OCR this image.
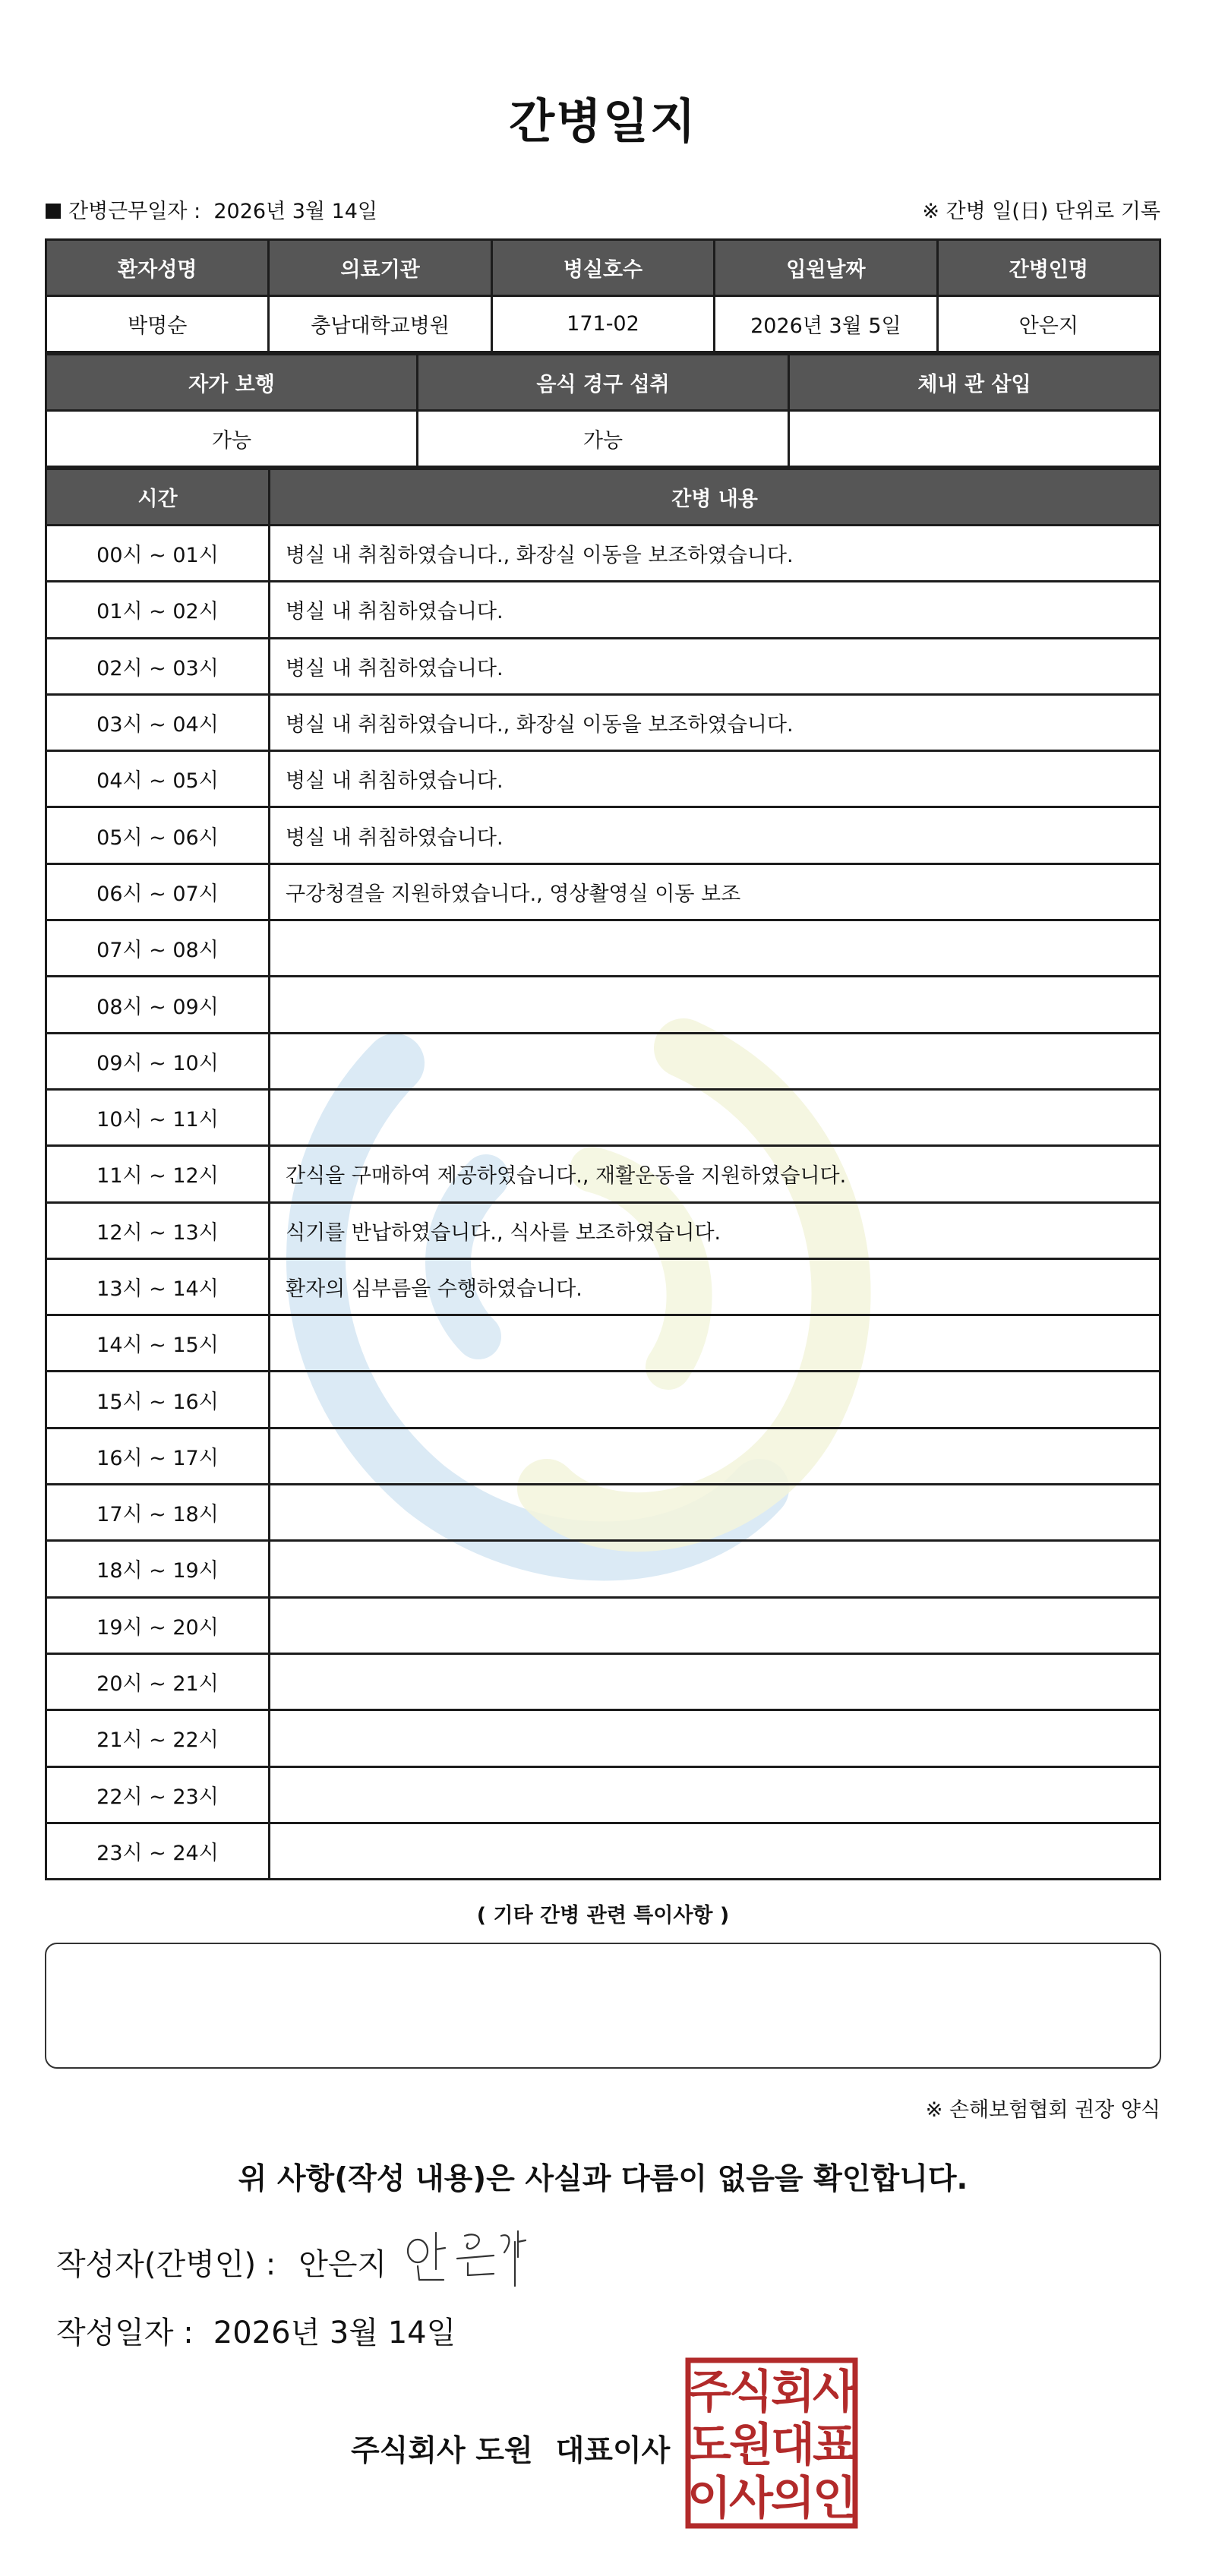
간병일지
간병근무일자 : 2026년 3월 14일	※ 간병 일(日) 단위로 기록
환자성명	의료기관	병실호수	입원날짜	간병인명
박명순	충남대학교병원	171-02	2026년 3월 5일	안은지
자가 보행	음식 경구 섭취	체내 관 삽입
가능	가능	
시간	간병 내용
00시 ~ 01시	병실 내 취침하였습니다., 화장실 이동을 보조하였습니다.
01시 ~ 02시	병실 내 취침하였습니다.
02시 ~ 03시	병실 내 취침하였습니다.
03시 ~ 04시	병실 내 취침하였습니다., 화장실 이동을 보조하였습니다.
04시 ~ 05시	병실 내 취침하였습니다.
05시 ~ 06시	병실 내 취침하였습니다.
06시 ~ 07시	구강청결을 지원하였습니다., 영상촬영실 이동 보조
07시 ~ 08시	
08시 ~ 09시	
09시 ~ 10시	
10시 ~ 11시	
11시 ~ 12시	간식을 구매하여 제공하였습니다., 재활운동을 지원하였습니다.
12시 ~ 13시	식기를 반납하였습니다., 식사를 보조하였습니다.
13시 ~ 14시	환자의 심부름을 수행하였습니다.
14시 ~ 15시	
15시 ~ 16시	
16시 ~ 17시	
17시 ~ 18시	
18시 ~ 19시	
19시 ~ 20시	
20시 ~ 21시	
21시 ~ 22시	
22시 ~ 23시	
23시 ~ 24시	
( 기타 간병 관련 특이사항 )
※ 손해보험협회 권장 양식
위 사항(작성 내용)은 사실과 다름이 없음을 확인합니다.
작성자(간병인) : 안은지
작성일자 : 2026년 3월 14일
주식회사 도원 대표이사
주
식
회
사
도
원
대
표
이
사
의
인
